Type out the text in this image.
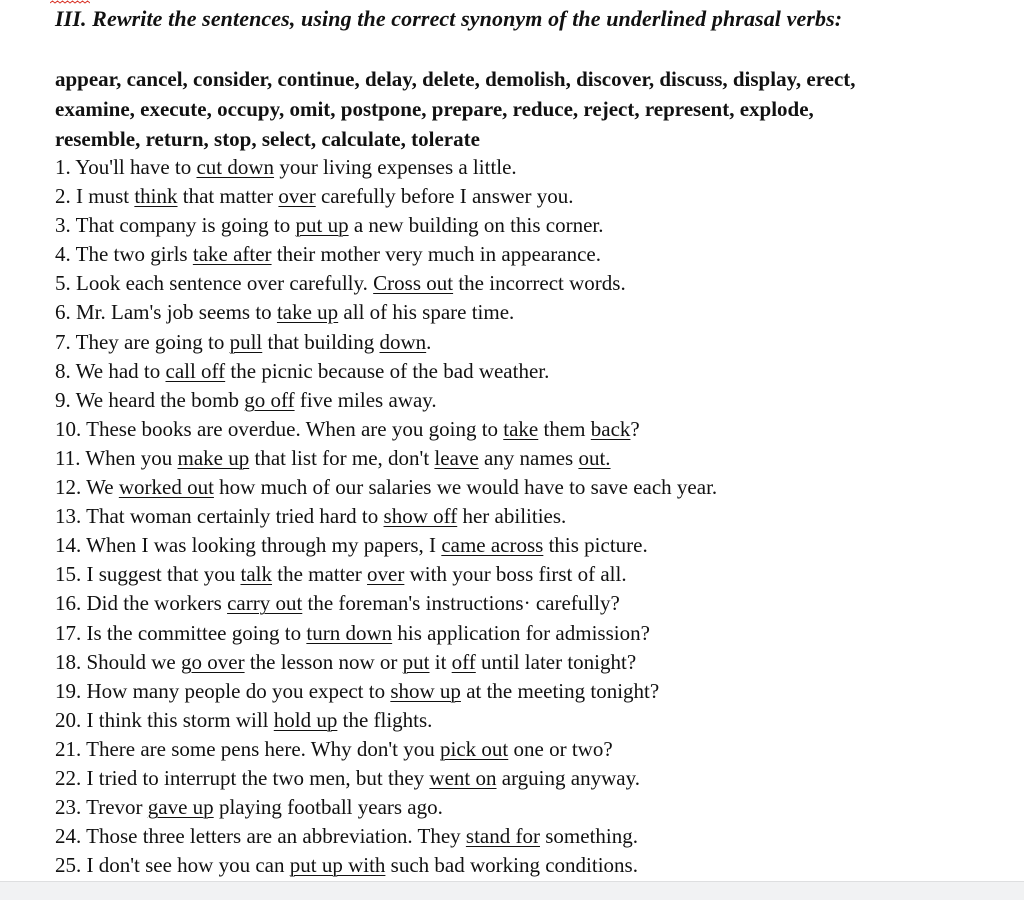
III. Rewrite the sentences, using the correct synonym of the underlined phrasal verbs:
appear, cancel, consider, continue, delay, delete, demolish, discover, discuss, display, erect,
examine, execute, occupy, omit, postpone, prepare, reduce, reject, represent, explode,
resemble, return, stop, select, calculate, tolerate
1. You'll have to cut down your living expenses a little.
2. I must think that matter over carefully before I answer you.
3. That company is going to put up a new building on this corner.
4. The two girls take after their mother very much in appearance.
5. Look each sentence over carefully. Cross out the incorrect words.
6. Mr. Lam's job seems to take up all of his spare time.
7. They are going to pull that building down.
8. We had to call off the picnic because of the bad weather.
9. We heard the bomb go off five miles away.
10. These books are overdue. When are you going to take them back?
11. When you make up that list for me, don't leave any names out.
12. We worked out how much of our salaries we would have to save each year.
13. That woman certainly tried hard to show off her abilities.
14. When I was looking through my papers, I came across this picture.
15. I suggest that you talk the matter over with your boss first of all.
16. Did the workers carry out the foreman's instructions· carefully?
17. Is the committee going to turn down his application for admission?
18. Should we go over the lesson now or put it off until later tonight?
19. How many people do you expect to show up at the meeting tonight?
20. I think this storm will hold up the flights.
21. There are some pens here. Why don't you pick out one or two?
22. I tried to interrupt the two men, but they went on arguing anyway.
23. Trevor gave up playing football years ago.
24. Those three letters are an abbreviation. They stand for something.
25. I don't see how you can put up with such bad working conditions.
